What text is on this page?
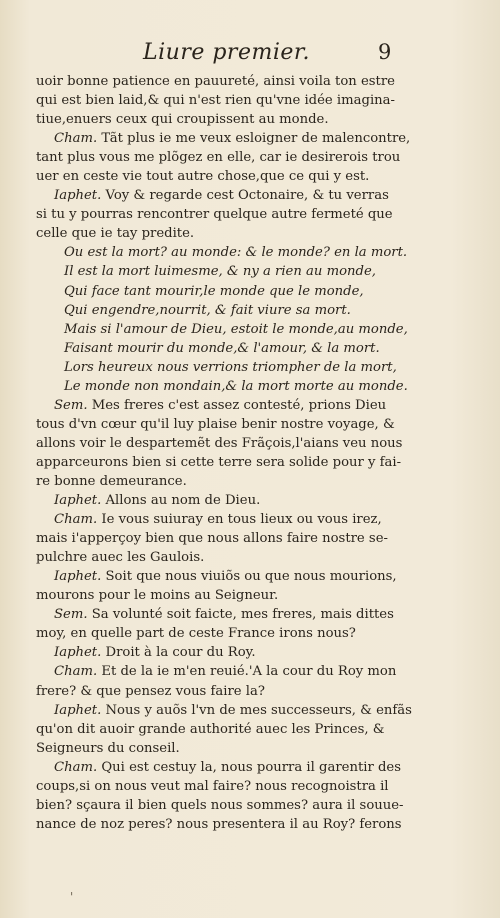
Liure premier.	9
uoir bonne patience en pauureté, ainsi voila ton estre
qui est bien laid,& qui n'est rien qu'vne idée imagina-
tiue,enuers ceux qui croupissent au monde.
Cham. Tãt plus ie me veux esloigner de malencontre,
tant plus vous me plõgez en elle, car ie desirerois trou
uer en ceste vie tout autre chose,que ce qui y est.
Iaphet. Voy & regarde cest Octonaire, & tu verras
si tu y pourras rencontrer quelque autre fermeté que
celle que ie tay predite.
Ou est la mort? au monde: & le monde? en la mort.
Il est la mort luimesme, & ny a rien au monde,
Qui face tant mourir,le monde que le monde,
Qui engendre,nourrit, & fait viure sa mort.
Mais si l'amour de Dieu, estoit le monde,au monde,
Faisant mourir du monde,& l'amour, & la mort.
Lors heureux nous verrions triompher de la mort,
Le monde non mondain,& la mort morte au monde.
Sem. Mes freres c'est assez contesté, prions Dieu
tous d'vn cœur qu'il luy plaise benir nostre voyage, &
allons voir le despartemẽt des Frãçois,l'aians veu nous
apparceurons bien si cette terre sera solide pour y fai-
re bonne demeurance.
Iaphet. Allons au nom de Dieu.
Cham. Ie vous suiuray en tous lieux ou vous irez,
mais i'apperçoy bien que nous allons faire nostre se-
pulchre auec les Gaulois.
Iaphet. Soit que nous viuiõs ou que nous mourions,
mourons pour le moins au Seigneur.
Sem. Sa volunté soit faicte, mes freres, mais dittes
moy, en quelle part de ceste France irons nous?
Iaphet. Droit à la cour du Roy.
Cham. Et de la ie m'en reuié.'A la cour du Roy mon
frere? & que pensez vous faire la?
Iaphet. Nous y auõs l'vn de mes successeurs, & enfãs
qu'on dit auoir grande authorité auec les Princes, &
Seigneurs du conseil.
Cham. Qui est cestuy la, nous pourra il garentir des
coups,si on nous veut mal faire? nous recognoistra il
bien? sçaura il bien quels nous sommes? aura il souue-
nance de noz peres? nous presentera il au Roy? ferons
'
